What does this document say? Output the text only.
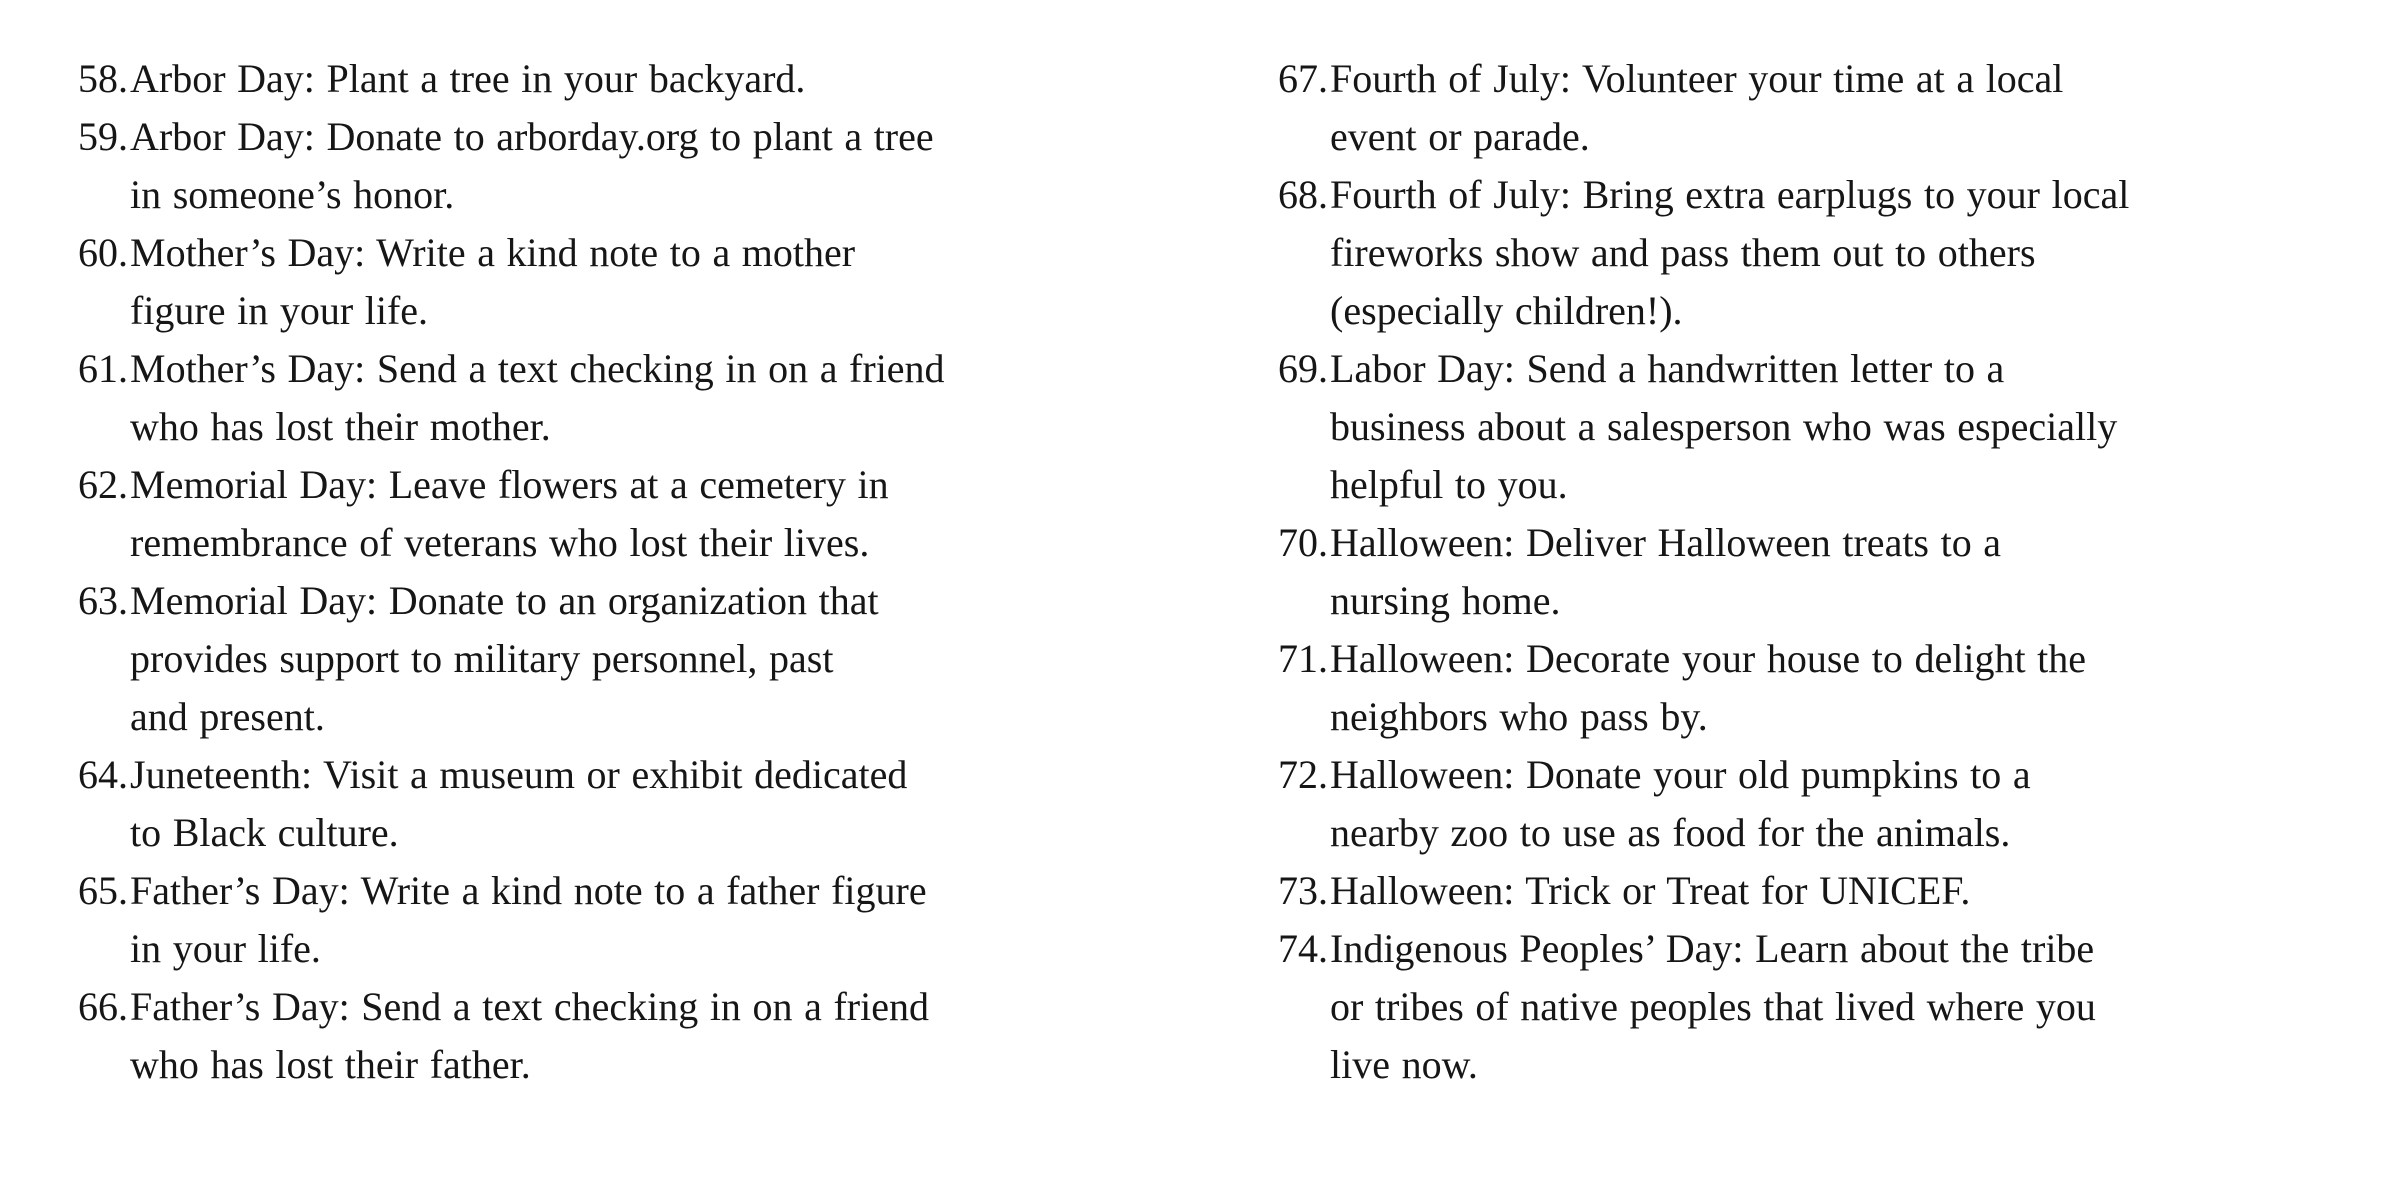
58. Arbor Day: Plant a tree in your backyard.
59. Arbor Day: Donate to arborday.org to plant a tree
in someone’s honor.
60. Mother’s Day: Write a kind note to a mother
figure in your life.
61. Mother’s Day: Send a text checking in on a friend
who has lost their mother.
62. Memorial Day: Leave flowers at a cemetery in
remembrance of veterans who lost their lives.
63. Memorial Day: Donate to an organization that
provides support to military personnel, past
and present.
64. Juneteenth: Visit a museum or exhibit dedicated
to Black culture.
65. Father’s Day: Write a kind note to a father figure
in your life.
66. Father’s Day: Send a text checking in on a friend
who has lost their father.
67. Fourth of July: Volunteer your time at a local
event or parade.
68. Fourth of July: Bring extra earplugs to your local
fireworks show and pass them out to others
(especially children!).
69. Labor Day: Send a handwritten letter to a
business about a salesperson who was especially
helpful to you.
70. Halloween: Deliver Halloween treats to a
nursing home.
71. Halloween: Decorate your house to delight the
neighbors who pass by.
72. Halloween: Donate your old pumpkins to a
nearby zoo to use as food for the animals.
73. Halloween: Trick or Treat for UNICEF.
74. Indigenous Peoples’ Day: Learn about the tribe
or tribes of native peoples that lived where you
live now.
